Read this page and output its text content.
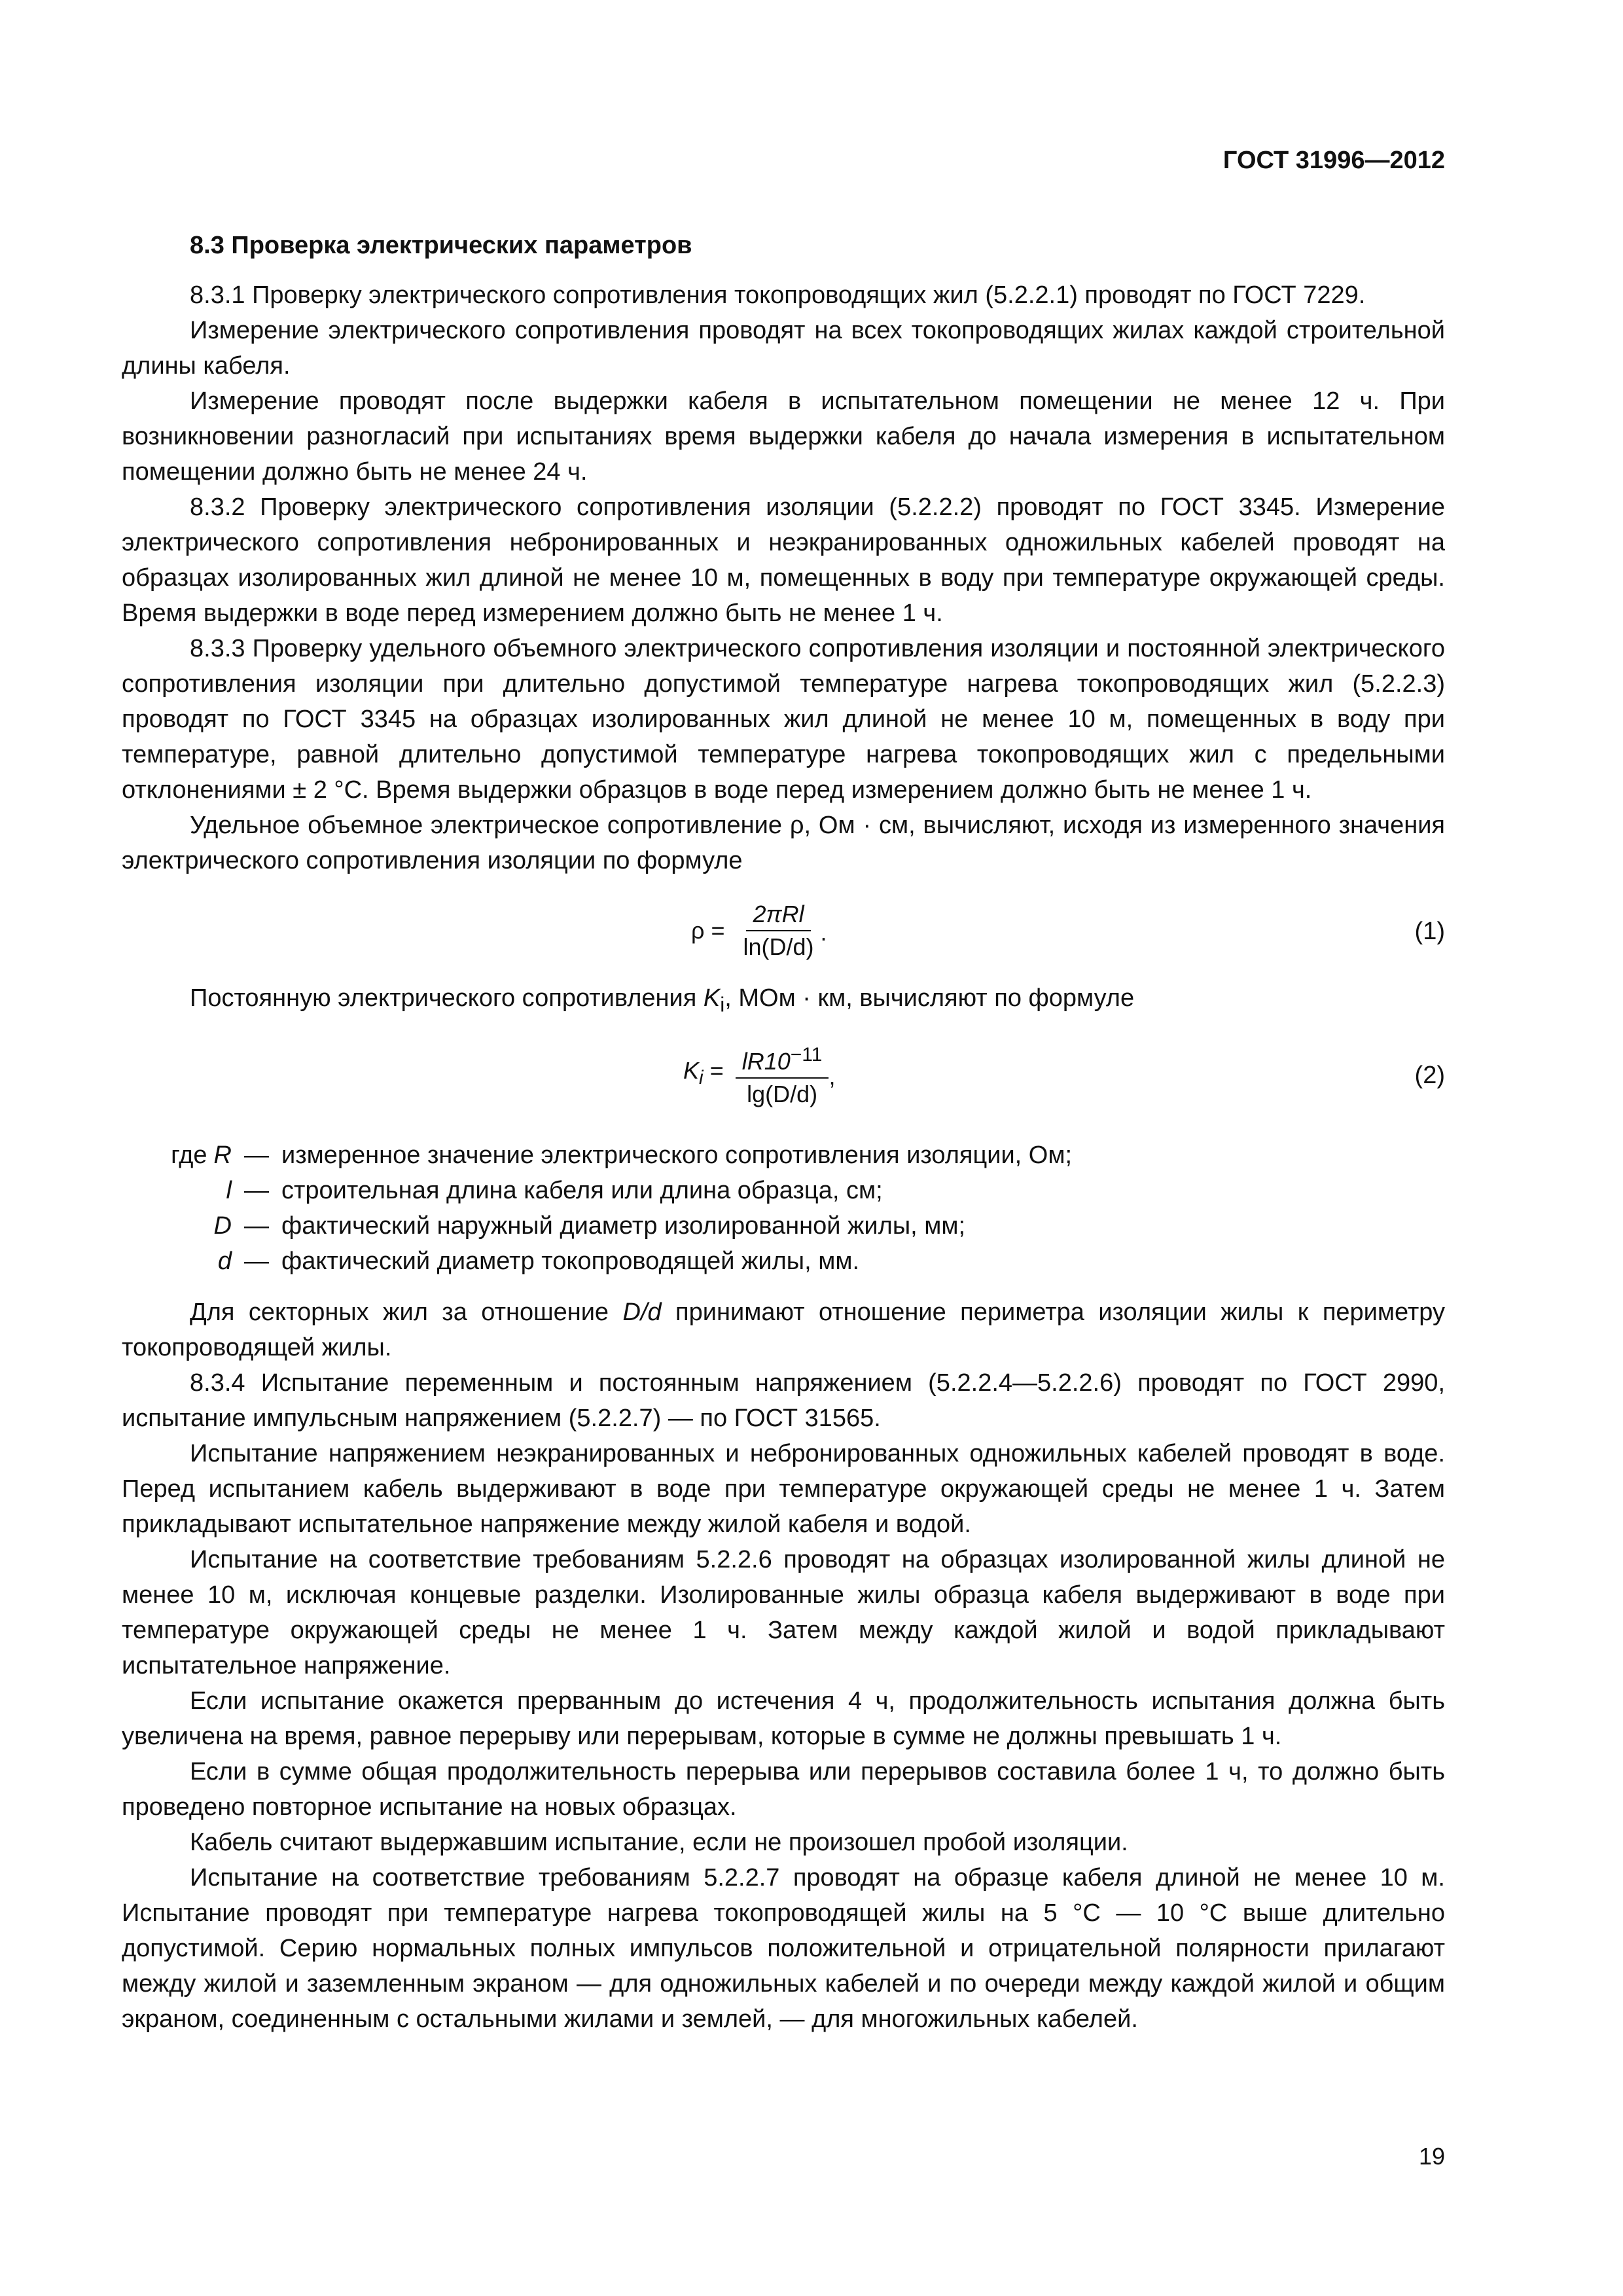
ГОСТ 31996—2012
8.3 Проверка электрических параметров

8.3.1 Проверку электрического сопротивления токопроводящих жил (5.2.2.1) проводят по ГОСТ 7229.

Измерение электрического сопротивления проводят на всех токопроводящих жилах каждой строительной длины кабеля.

Измерение проводят после выдержки кабеля в испытательном помещении не менее 12 ч. При возникновении разногласий при испытаниях время выдержки кабеля до начала измерения в испытательном помещении должно быть не менее 24 ч.

8.3.2 Проверку электрического сопротивления изоляции (5.2.2.2) проводят по ГОСТ 3345. Измерение электрического сопротивления небронированных и неэкранированных одножильных кабелей проводят на образцах изолированных жил длиной не менее 10 м, помещенных в воду при температуре окружающей среды. Время выдержки в воде перед измерением должно быть не менее 1 ч.

8.3.3 Проверку удельного объемного электрического сопротивления изоляции и постоянной электрического сопротивления изоляции при длительно допустимой температуре нагрева токопроводящих жил (5.2.2.3) проводят по ГОСТ 3345 на образцах изолированных жил длиной не менее 10 м, помещенных в воду при температуре, равной длительно допустимой температуре нагрева токопроводящих жил с предельными отклонениями ± 2 °С. Время выдержки образцов в воде перед измерением должно быть не менее 1 ч.

Удельное объемное электрическое сопротивление ρ, Ом · см, вычисляют, исходя из измеренного значения электрического сопротивления изоляции по формуле

$\rho = \frac{\text{2πRl}}{\ln(D/d)}$ .	(1)

Постоянную электрического сопротивления $K_i$, МОм · км, вычисляют по формуле

$K_i = \frac{lR10^{-11}}{\lg(D/d)}$ ,	(2)
где R — измеренное значение электрического сопротивления изоляции, Ом;
l — строительная длина кабеля или длина образца, см;
D — фактический наружный диаметр изолированной жилы, мм;
d — фактический диаметр токопроводящей жилы, мм.

Для секторных жил за отношение D/d принимают отношение периметра изоляции жилы к периметру токопроводящей жилы.

8.3.4 Испытание переменным и постоянным напряжением (5.2.2.4—5.2.2.6) проводят по ГОСТ 2990, испытание импульсным напряжением (5.2.2.7) — по ГОСТ 31565.

Испытание напряжением неэкранированных и небронированных одножильных кабелей проводят в воде. Перед испытанием кабель выдерживают в воде при температуре окружающей среды не менее 1 ч. Затем прикладывают испытательное напряжение между жилой кабеля и водой.

Испытание на соответствие требованиям 5.2.2.6 проводят на образцах изолированной жилы длиной не менее 10 м, исключая концевые разделки. Изолированные жилы образца кабеля выдерживают в воде при температуре окружающей среды не менее 1 ч. Затем между каждой жилой и водой прикладывают испытательное напряжение.

Если испытание окажется прерванным до истечения 4 ч, продолжительность испытания должна быть увеличена на время, равное перерыву или перерывам, которые в сумме не должны превышать 1 ч.

Если в сумме общая продолжительность перерыва или перерывов составила более 1 ч, то должно быть проведено повторное испытание на новых образцах.

Кабель считают выдержавшим испытание, если не произошел пробой изоляции.

Испытание на соответствие требованиям 5.2.2.7 проводят на образце кабеля длиной не менее 10 м. Испытание проводят при температуре нагрева токопроводящей жилы на 5 °С — 10 °С выше длительно допустимой. Серию нормальных полных импульсов положительной и отрицательной полярности прилагают между жилой и заземленным экраном — для одножильных кабелей и по очереди между каждой жилой и общим экраном, соединенным с остальными жилами и землей, — для многожильных кабелей.

19
